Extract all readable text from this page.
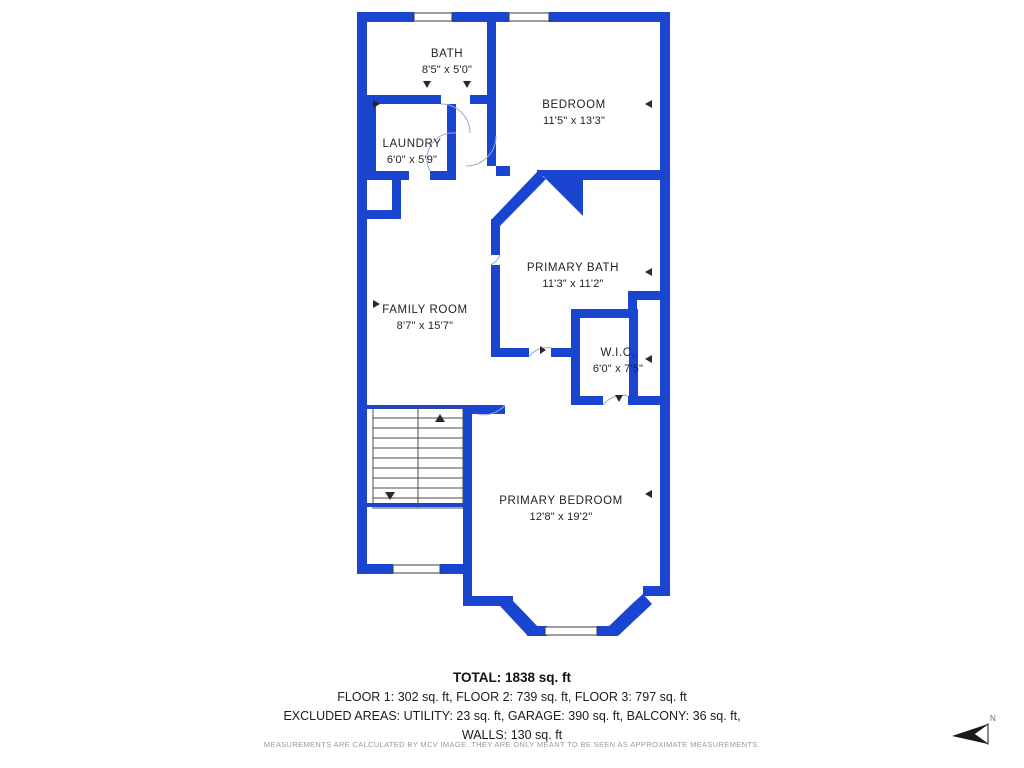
BATH
8'5" x 5'0"
BEDROOM
11'5" x 13'3"
LAUNDRY
6'0" x 5'9"
PRIMARY BATH
11'3" x 11'2"
FAMILY ROOM
8'7" x 15'7"
W.I.C.
6'0" x 7'5"
PRIMARY BEDROOM
12'8" x 19'2"
TOTAL: 1838 sq. ft
FLOOR 1: 302 sq. ft, FLOOR 2: 739 sq. ft, FLOOR 3: 797 sq. ft
EXCLUDED AREAS: UTILITY: 23 sq. ft, GARAGE: 390 sq. ft, BALCONY: 36 sq. ft,
WALLS: 130 sq. ft
MEASUREMENTS ARE CALCULATED BY MCV IMAGE. THEY ARE ONLY MEANT TO BE SEEN AS APPROXIMATE MEASUREMENTS.
N
